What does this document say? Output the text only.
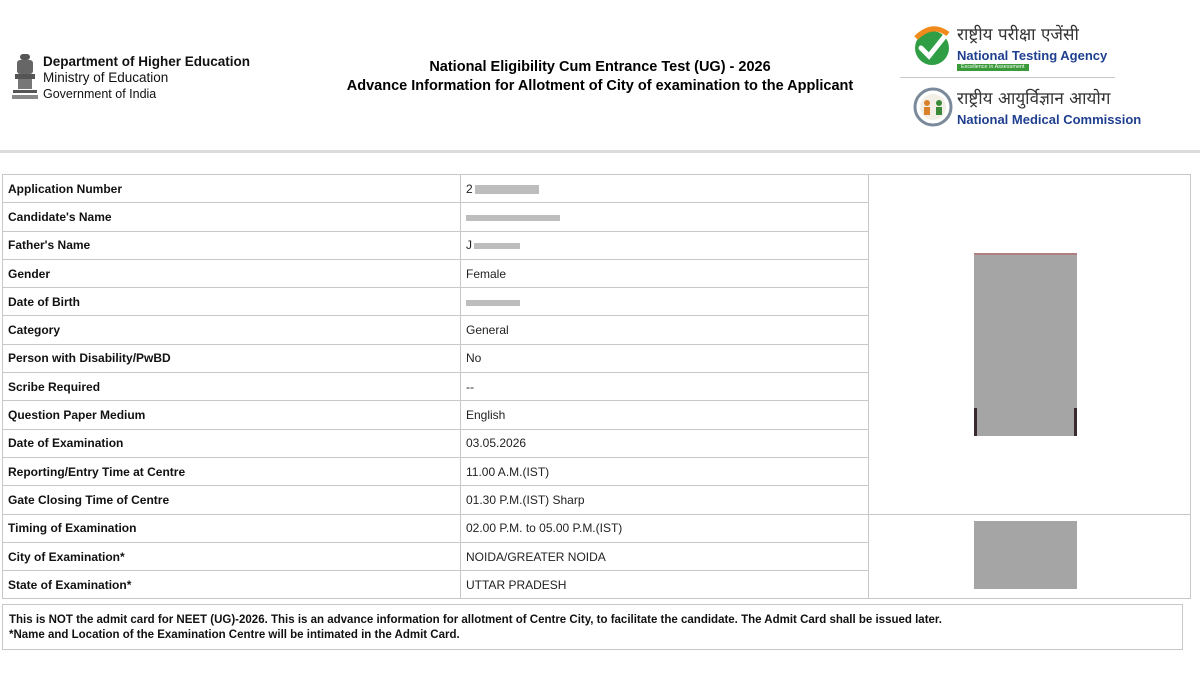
Department of Higher Education
Ministry of Education
Government of India
National Eligibility Cum Entrance Test (UG) - 2026
Advance Information for Allotment of City of examination to the Applicant
राष्ट्रीय परीक्षा एजेंसी
National Testing Agency
Excellence in Assessment
राष्ट्रीय आयुर्विज्ञान आयोग
National Medical Commission
Application Number	2	
Candidate's Name		
Father's Name	J	
Gender	Female	
Date of Birth		
Category	General	
Person with Disability/PwBD	No	
Scribe Required	--	
Question Paper Medium	English	
Date of Examination	03.05.2026	
Reporting/Entry Time at Centre	11.00 A.M.(IST)	
Gate Closing Time of Centre	01.30 P.M.(IST) Sharp	
Timing of Examination	02.00 P.M. to 05.00 P.M.(IST)	
City of Examination*	NOIDA/GREATER NOIDA	
State of Examination*	UTTAR PRADESH	
This is NOT the admit card for NEET (UG)-2026. This is an advance information for allotment of Centre City, to facilitate the candidate. The Admit Card shall be issued later.
*Name and Location of the Examination Centre will be intimated in the Admit Card.
